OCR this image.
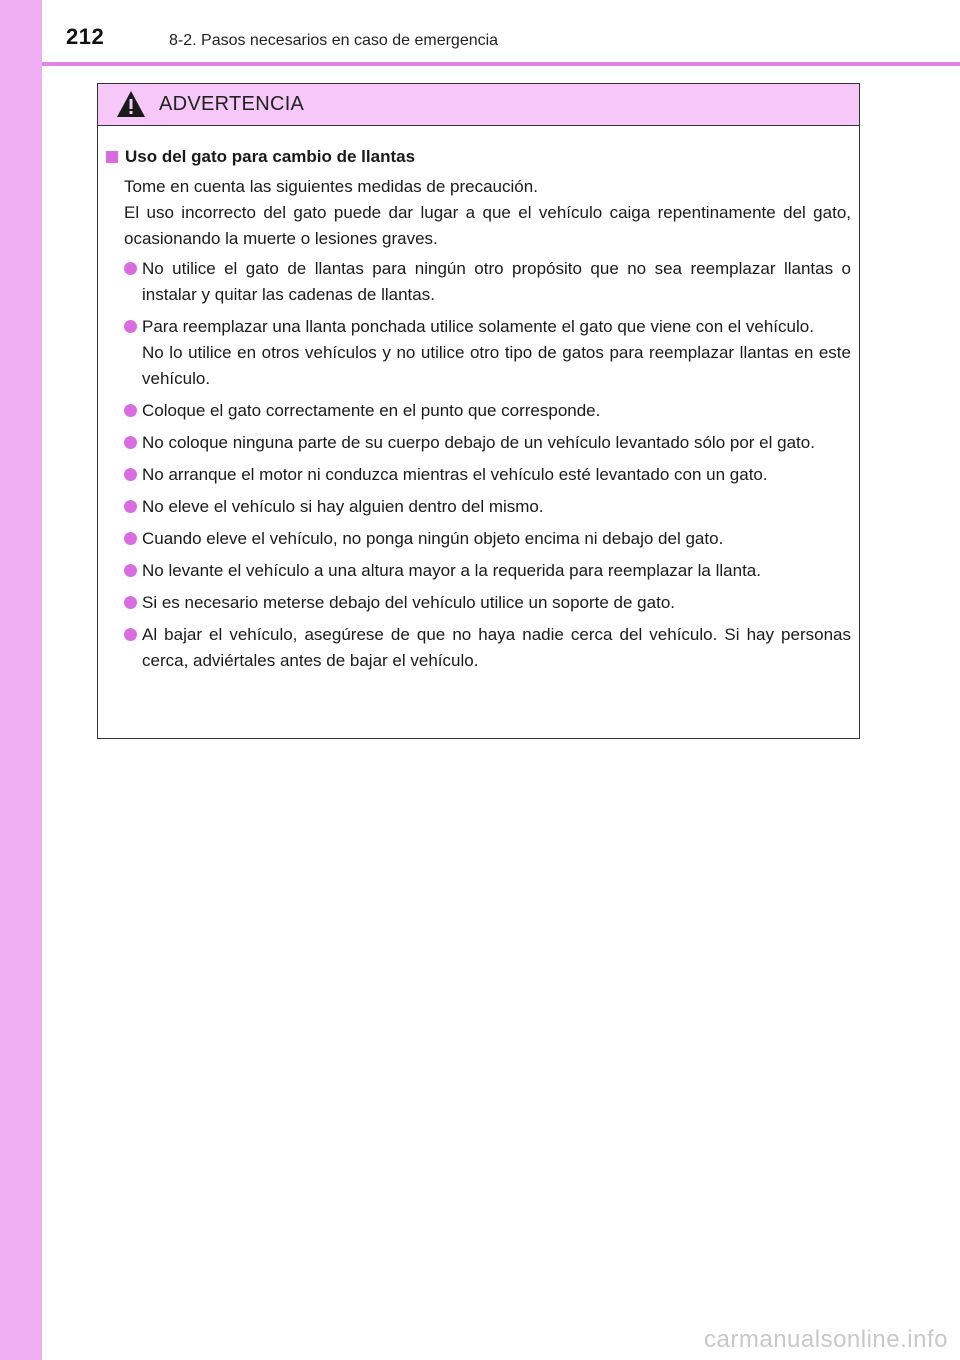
212	8-2. Pasos necesarios en caso de emergencia
ADVERTENCIA
Uso del gato para cambio de llantas

Tome en cuenta las siguientes medidas de precaución.

El uso incorrecto del gato puede dar lugar a que el vehículo caiga repentinamente del gato, ocasionando la muerte o lesiones graves.

No utilice el gato de llantas para ningún otro propósito que no sea reemplazar llantas o instalar y quitar las cadenas de llantas.
Para reemplazar una llanta ponchada utilice solamente el gato que viene con el vehículo.
No lo utilice en otros vehículos y no utilice otro tipo de gatos para reemplazar llantas en este vehículo.
Coloque el gato correctamente en el punto que corresponde.
No coloque ninguna parte de su cuerpo debajo de un vehículo levantado sólo por el gato.
No arranque el motor ni conduzca mientras el vehículo esté levantado con un gato.
No eleve el vehículo si hay alguien dentro del mismo.
Cuando eleve el vehículo, no ponga ningún objeto encima ni debajo del gato.
No levante el vehículo a una altura mayor a la requerida para reemplazar la llanta.
Si es necesario meterse debajo del vehículo utilice un soporte de gato.
Al bajar el vehículo, asegúrese de que no haya nadie cerca del vehículo. Si hay personas cerca, adviértales antes de bajar el vehículo.
carmanualsonline.info
